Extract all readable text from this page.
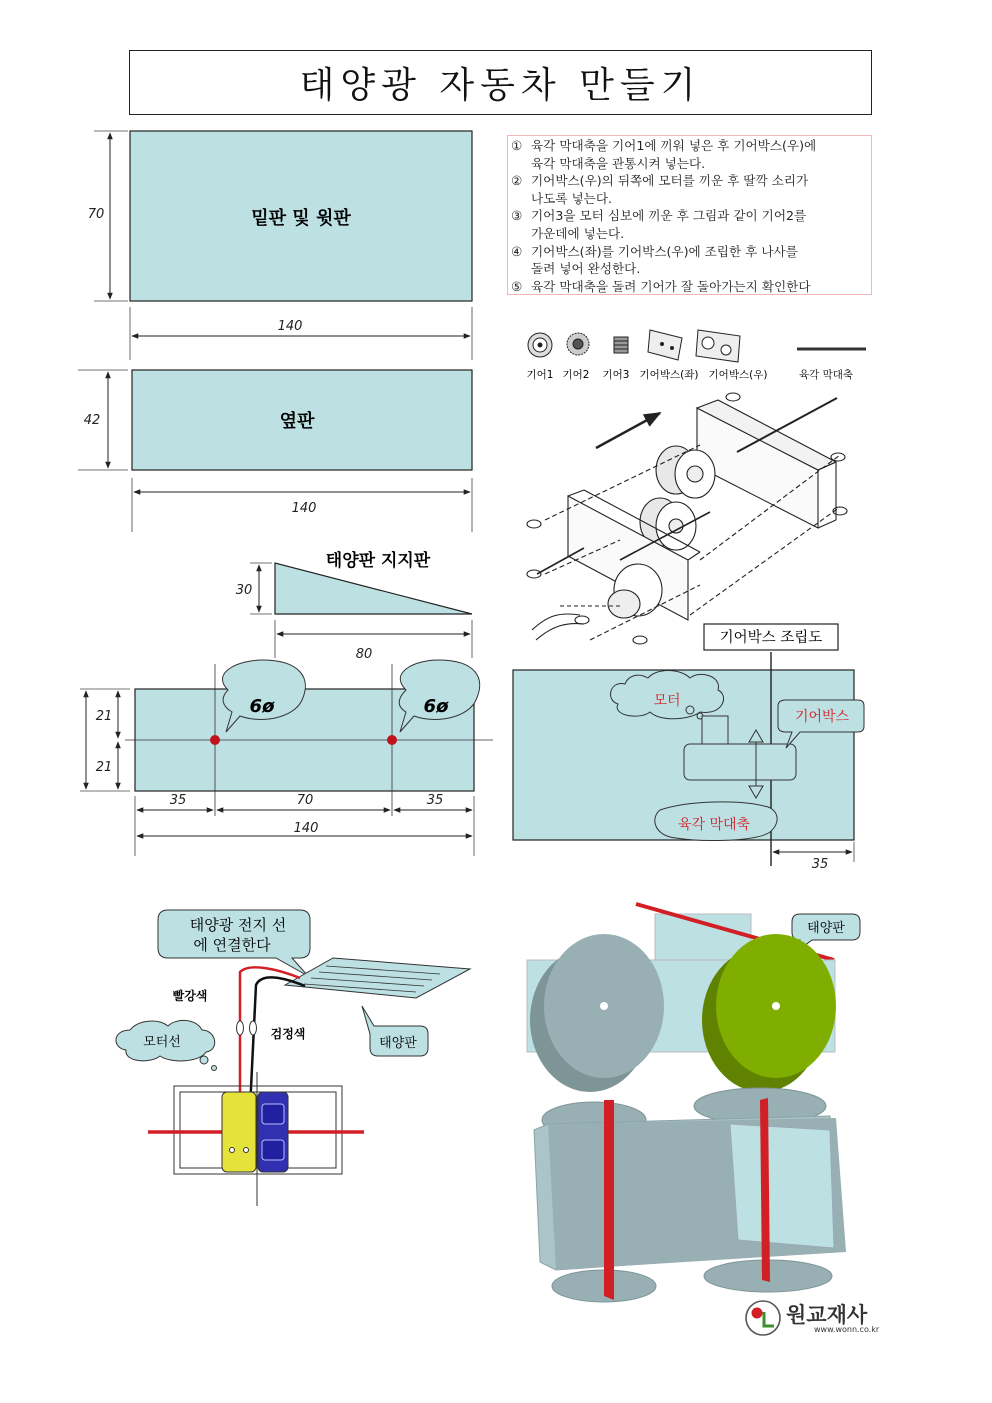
태양광 자동차 만들기
① 육각 막대축을 기어1에 끼워 넣은 후 기어박스(우)에
육각 막대축을 관통시켜 넣는다.
② 기어박스(우)의 뒤쪽에 모터를 끼운 후 딸깍 소리가
나도록 넣는다.
③ 기어3을 모터 심보에 끼운 후 그림과 같이 기어2를
가운데에 넣는다.
④ 기어박스(좌)를 기어박스(우)에 조립한 후 나사를
돌려 넣어 완성한다.
⑤ 육각 막대축을 돌려 기어가 잘 돌아가는지 확인한다
밑판 및 윗판
70
140
옆판
42
140
태양판 지지판
30
80
6ø	6ø
21
21
35	70	35
140
기어1 기어2 기어3 기어박스(좌) 기어박스(우)	육각 막대축
기어박스 조립도
모터
기어박스
육각 막대축
35
태양광 전지 선
에 연결한다
빨강색
검정색
모터선	태양판
태양판
원교재사
www.wonn.co.kr
